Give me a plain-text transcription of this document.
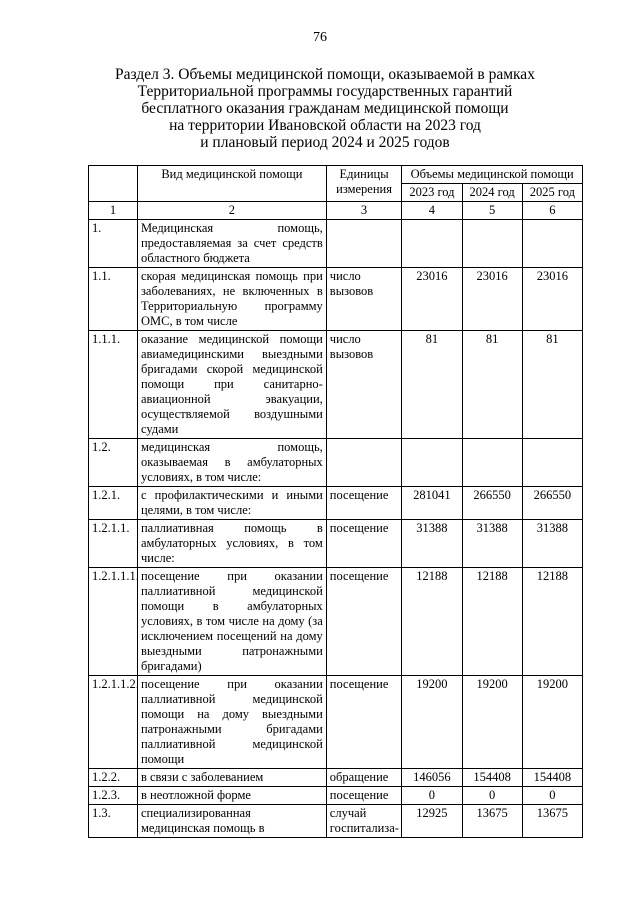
76
Раздел 3. Объемы медицинской помощи, оказываемой в рамках
Территориальной программы государственных гарантий
бесплатного оказания гражданам медицинской помощи
на территории Ивановской области на 2023 год
и плановый период 2024 и 2025 годов
	Вид медицинской помощи	Единицы измерения	Объемы медицинской помощи		
			2023 год	2024 год	2025 год
1	2	3	4	5	6
1.	Медицинская помощь, предоставляемая за счет средств областного бюджета				
1.1.	скорая медицинская помощь при заболеваниях, не включенных в Территориальную программу ОМС, в том числе	число вызовов	23016	23016	23016
1.1.1.	оказание медицинской помощи авиамедицинскими выездными бригадами скорой медицинской помощи при санитарно-авиационной эвакуации, осуществляемой воздушными судами	число вызовов	81	81	81
1.2.	медицинская помощь, оказываемая в амбулаторных условиях, в том числе:				
1.2.1.	с профилактическими и иными целями, в том числе:	посещение	281041	266550	266550
1.2.1.1.	паллиативная помощь в амбулаторных условиях, в том числе:	посещение	31388	31388	31388
1.2.1.1.1.	посещение при оказании паллиативной медицинской помощи в амбулаторных условиях, в том числе на дому (за исключением посещений на дому выездными патронажными бригадами)	посещение	12188	12188	12188
1.2.1.1.2.	посещение при оказании паллиативной медицинской помощи на дому выездными патронажными бригадами паллиативной медицинской помощи	посещение	19200	19200	19200
1.2.2.	в связи с заболеванием	обращение	146056	154408	154408
1.2.3.	в неотложной форме	посещение	0	0	0
1.3.	специализированная медицинская помощь в	случай госпитализа-	12925	13675	13675
